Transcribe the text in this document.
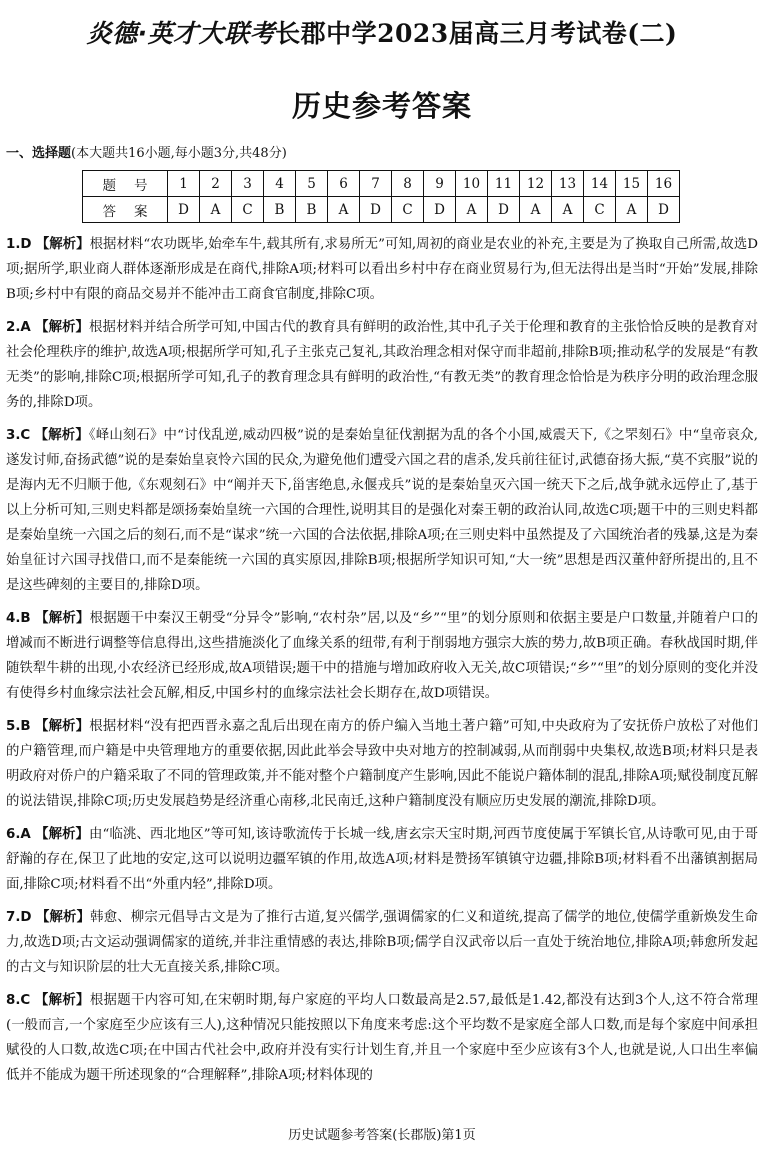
炎德·英才大联考长郡中学2023届高三月考试卷(二)
历史参考答案
一、选择题(本大题共16小题,每小题3分,共48分)
题号	1	2	3	4	5	6	7	8	9	10	11	12	13	14	15	16
答案	D	A	C	B	B	A	D	C	D	A	D	A	A	C	A	D

1.D 【解析】根据材料“农功既毕,始牵车牛,载其所有,求易所无”可知,周初的商业是农业的补充,主要是为了换取自己所需,故选D项;据所学,职业商人群体逐渐形成是在商代,排除A项;材料可以看出乡村中存在商业贸易行为,但无法得出是当时“开始”发展,排除B项;乡村中有限的商品交易并不能冲击工商食官制度,排除C项。

2.A 【解析】根据材料并结合所学可知,中国古代的教育具有鲜明的政治性,其中孔子关于伦理和教育的主张恰恰反映的是教育对社会伦理秩序的维护,故选A项;根据所学可知,孔子主张克己复礼,其政治理念相对保守而非超前,排除B项;推动私学的发展是“有教无类”的影响,排除C项;根据所学可知,孔子的教育理念具有鲜明的政治性,“有教无类”的教育理念恰恰是为秩序分明的政治理念服务的,排除D项。

3.C 【解析】《峄山刻石》中“讨伐乱逆,威动四极”说的是秦始皇征伐割据为乱的各个小国,威震天下,《之罘刻石》中“皇帝哀众,遂发讨师,奋扬武德”说的是秦始皇哀怜六国的民众,为避免他们遭受六国之君的虐杀,发兵前往征讨,武德奋扬大振,“莫不宾服”说的是海内无不归顺于他,《东观刻石》中“阐并天下,甾害绝息,永偃戎兵”说的是秦始皇灭六国一统天下之后,战争就永远停止了,基于以上分析可知,三则史料都是颂扬秦始皇统一六国的合理性,说明其目的是强化对秦王朝的政治认同,故选C项;题干中的三则史料都是秦始皇统一六国之后的刻石,而不是“谋求”统一六国的合法依据,排除A项;在三则史料中虽然提及了六国统治者的残暴,这是为秦始皇征讨六国寻找借口,而不是秦能统一六国的真实原因,排除B项;根据所学知识可知,“大一统”思想是西汉董仲舒所提出的,且不是这些碑刻的主要目的,排除D项。

4.B 【解析】根据题干中秦汉王朝受“分异令”影响,“农村杂”居,以及“乡”“里”的划分原则和依据主要是户口数量,并随着户口的增减而不断进行调整等信息得出,这些措施淡化了血缘关系的纽带,有利于削弱地方强宗大族的势力,故B项正确。春秋战国时期,伴随铁犁牛耕的出现,小农经济已经形成,故A项错误;题干中的措施与增加政府收入无关,故C项错误;“乡”“里”的划分原则的变化并没有使得乡村血缘宗法社会瓦解,相反,中国乡村的血缘宗法社会长期存在,故D项错误。

5.B 【解析】根据材料“没有把西晋永嘉之乱后出现在南方的侨户编入当地土著户籍”可知,中央政府为了安抚侨户放松了对他们的户籍管理,而户籍是中央管理地方的重要依据,因此此举会导致中央对地方的控制减弱,从而削弱中央集权,故选B项;材料只是表明政府对侨户的户籍采取了不同的管理政策,并不能对整个户籍制度产生影响,因此不能说户籍体制的混乱,排除A项;赋役制度瓦解的说法错误,排除C项;历史发展趋势是经济重心南移,北民南迁,这种户籍制度没有顺应历史发展的潮流,排除D项。

6.A 【解析】由“临洮、西北地区”等可知,该诗歌流传于长城一线,唐玄宗天宝时期,河西节度使属于军镇长官,从诗歌可见,由于哥舒瀚的存在,保卫了此地的安定,这可以说明边疆军镇的作用,故选A项;材料是赞扬军镇镇守边疆,排除B项;材料看不出藩镇割据局面,排除C项;材料看不出“外重内轻”,排除D项。

7.D 【解析】韩愈、柳宗元倡导古文是为了推行古道,复兴儒学,强调儒家的仁义和道统,提高了儒学的地位,使儒学重新焕发生命力,故选D项;古文运动强调儒家的道统,并非注重情感的表达,排除B项;儒学自汉武帝以后一直处于统治地位,排除A项;韩愈所发起的古文与知识阶层的壮大无直接关系,排除C项。

8.C 【解析】根据题干内容可知,在宋朝时期,每户家庭的平均人口数最高是2.57,最低是1.42,都没有达到3个人,这不符合常理(一般而言,一个家庭至少应该有三人),这种情况只能按照以下角度来考虑:这个平均数不是家庭全部人口数,而是每个家庭中间承担赋役的人口数,故选C项;在中国古代社会中,政府并没有实行计划生育,并且一个家庭中至少应该有3个人,也就是说,人口出生率偏低并不能成为题干所述现象的“合理解释”,排除A项;材料体现的

历史试题参考答案(长郡版)第1页
